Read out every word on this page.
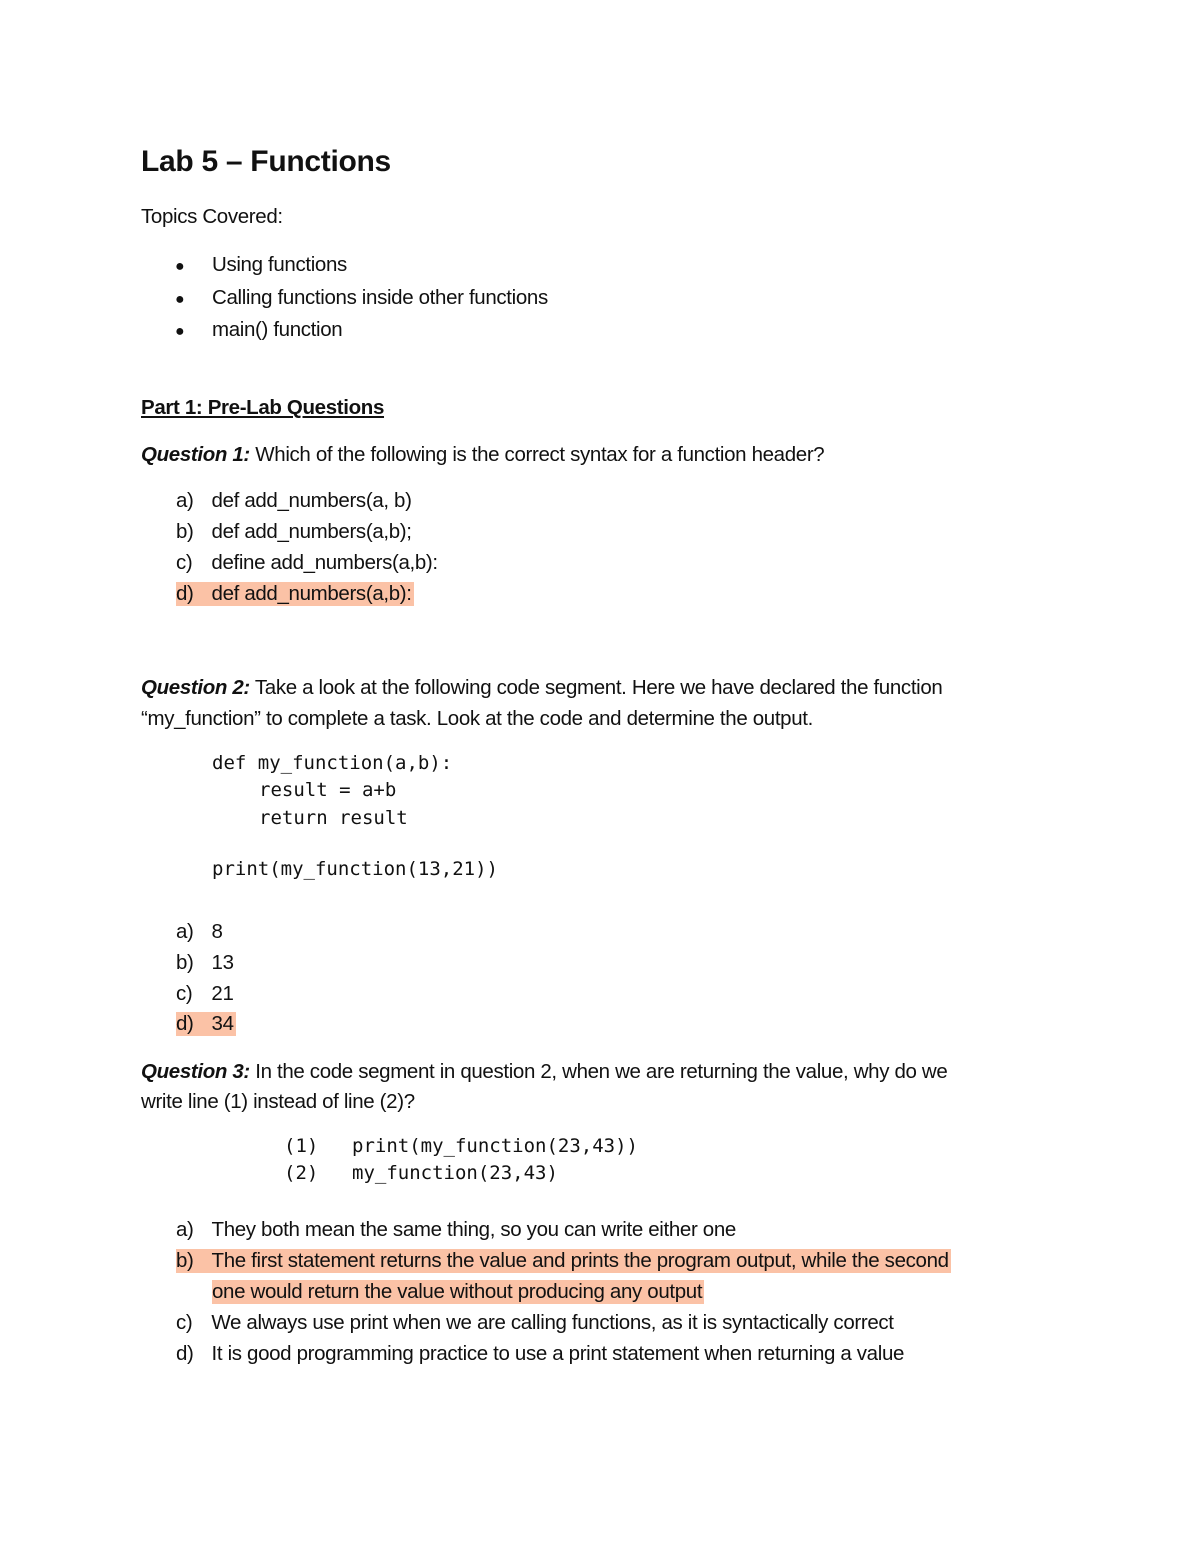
Lab 5 – Functions
Topics Covered:
● Using functions
● Calling functions inside other functions
● main() function
Part 1: Pre-Lab Questions
Question 1: Which of the following is the correct syntax for a function header?
a) def add_numbers(a, b)
b) def add_numbers(a,b);
c) define add_numbers(a,b):
d) def add_numbers(a,b):
Question 2: Take a look at the following code segment. Here we have declared the function
“my_function” to complete a task. Look at the code and determine the output.
def my_function(a,b):
result = a+b
return result
print(my_function(13,21))
a) 8
b) 13
c) 21
d) 34
Question 3: In the code segment in question 2, when we are returning the value, why do we
write line (1) instead of line (2)?
(1) print(my_function(23,43))
(2) my_function(23,43)
a) They both mean the same thing, so you can write either one
b) The first statement returns the value and prints the program output, while the second
one would return the value without producing any output
c) We always use print when we are calling functions, as it is syntactically correct
d) It is good programming practice to use a print statement when returning a value
